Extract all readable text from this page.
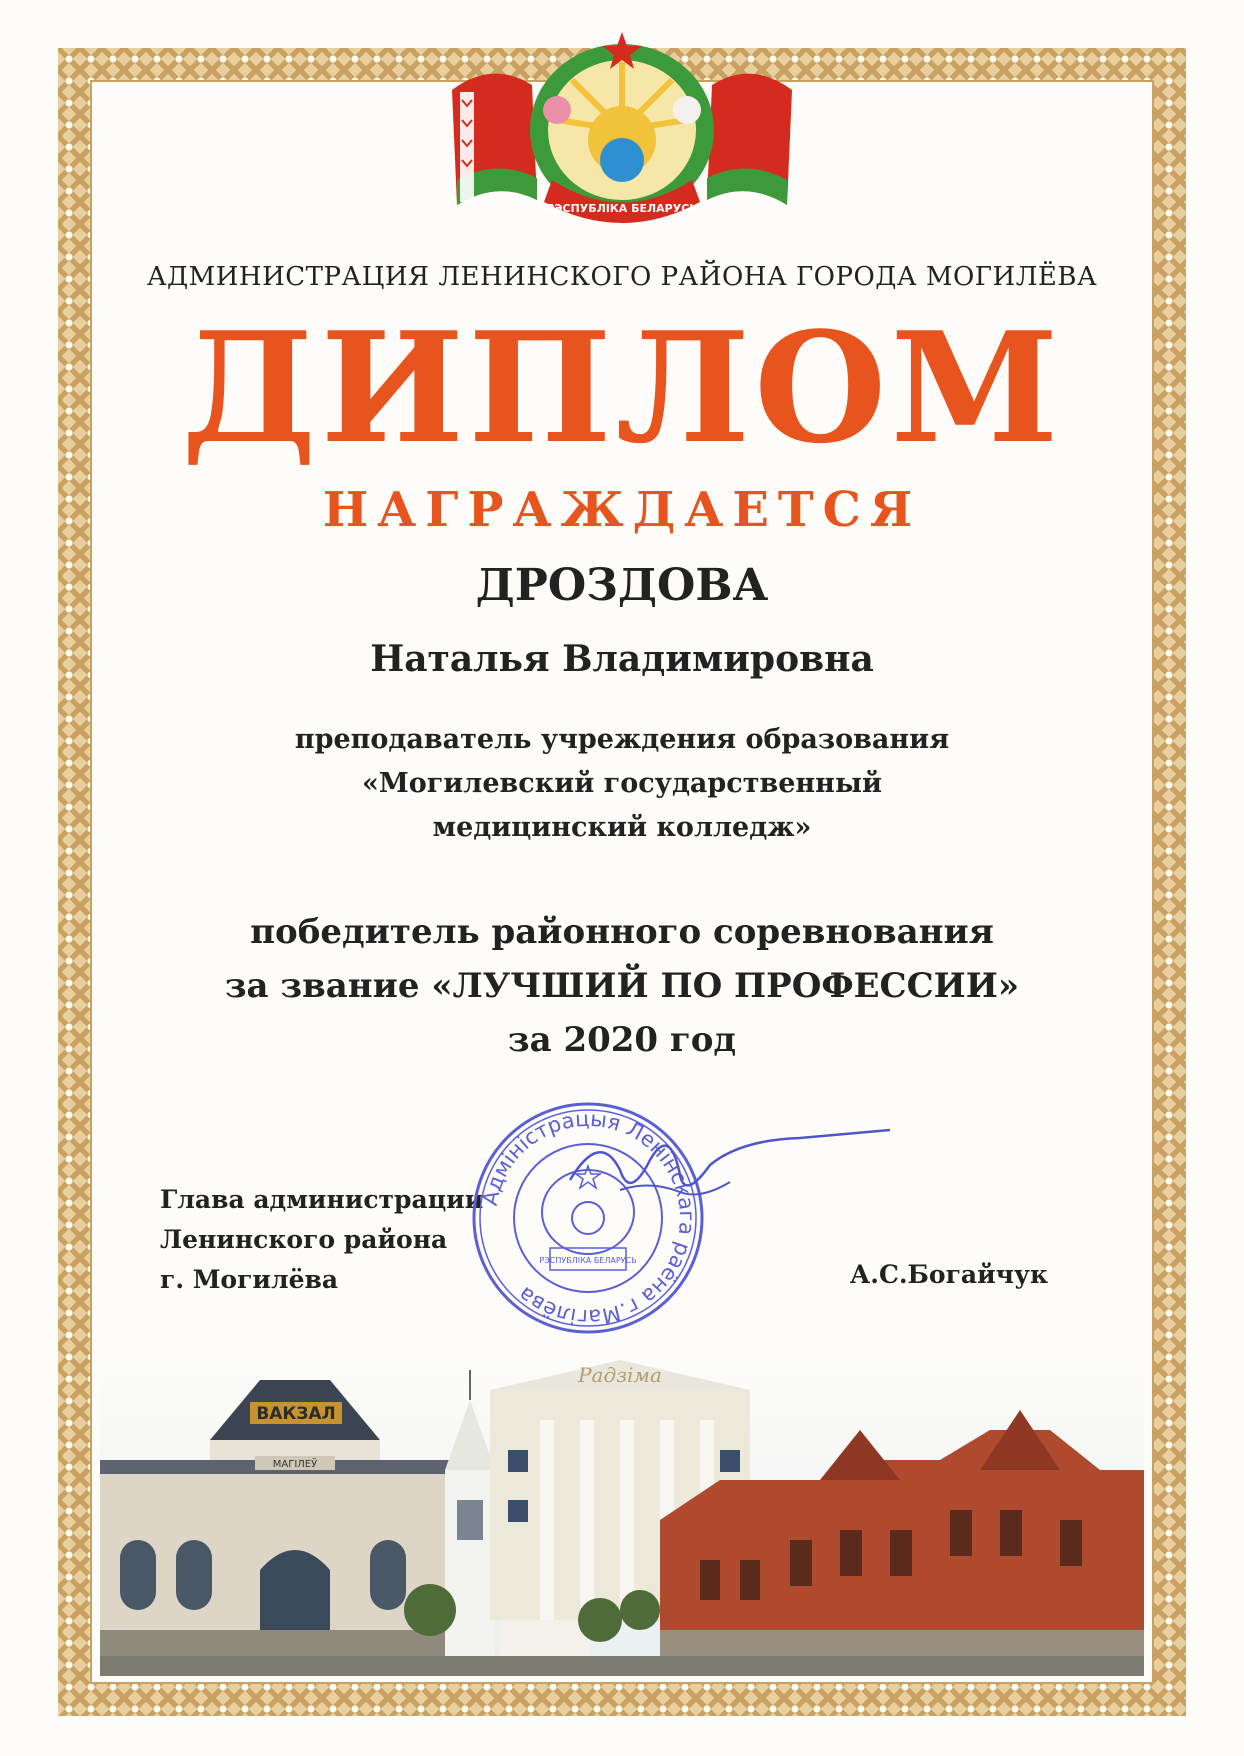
РЭСПУБЛІКА БЕЛАРУСЬ

АДМИНИСТРАЦИЯ ЛЕНИНСКОГО РАЙОНА ГОРОДА МОГИЛЁВА

ДИПЛОМ

НАГРАЖДАЕТСЯ

ДРОЗДОВА

Наталья Владимировна

преподаватель учреждения образования

«Могилевский государственный

медицинский колледж»

победитель районного соревнования

за звание «ЛУЧШИЙ ПО ПРОФЕССИИ»

за 2020 год

Глава администрации
Ленинского района
г. Могилёва	А.С.Богайчук
Адміністрацыя Ленінскага раёна г.Магілёва
РЭСПУБЛІКА БЕЛАРУСЬ
ВАКЗАЛ
МАГІЛЕЎ
Радзіма
